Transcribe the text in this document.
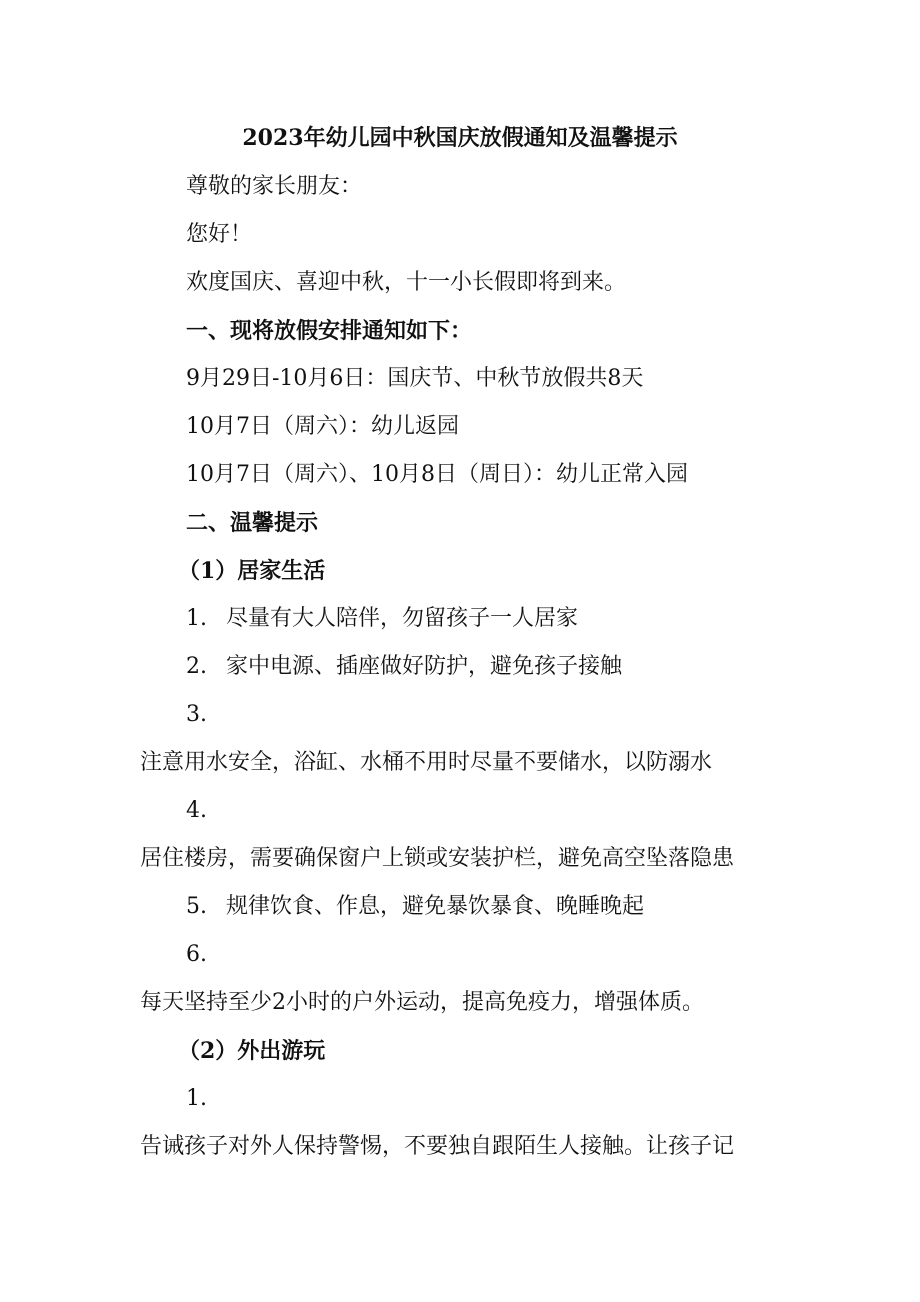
2023年幼儿园中秋国庆放假通知及温馨提示
尊敬的家长朋友：
您好！
欢度国庆、喜迎中秋，十一小长假即将到来。
一、现将放假安排通知如下：
9月29日-10月6日：国庆节、中秋节放假共8天
10月7日（周六）：幼儿返园
10月7日（周六）、10月8日（周日）：幼儿正常入园
二、温馨提示
（1）居家生活
1. 尽量有大人陪伴，勿留孩子一人居家
2. 家中电源、插座做好防护，避免孩子接触
3.
注意用水安全，浴缸、水桶不用时尽量不要储水，以防溺水
4.
居住楼房，需要确保窗户上锁或安装护栏，避免高空坠落隐患
5. 规律饮食、作息，避免暴饮暴食、晚睡晚起
6.
每天坚持至少2小时的户外运动，提高免疫力，增强体质。
（2）外出游玩
1.
告诫孩子对外人保持警惕，不要独自跟陌生人接触。让孩子记
